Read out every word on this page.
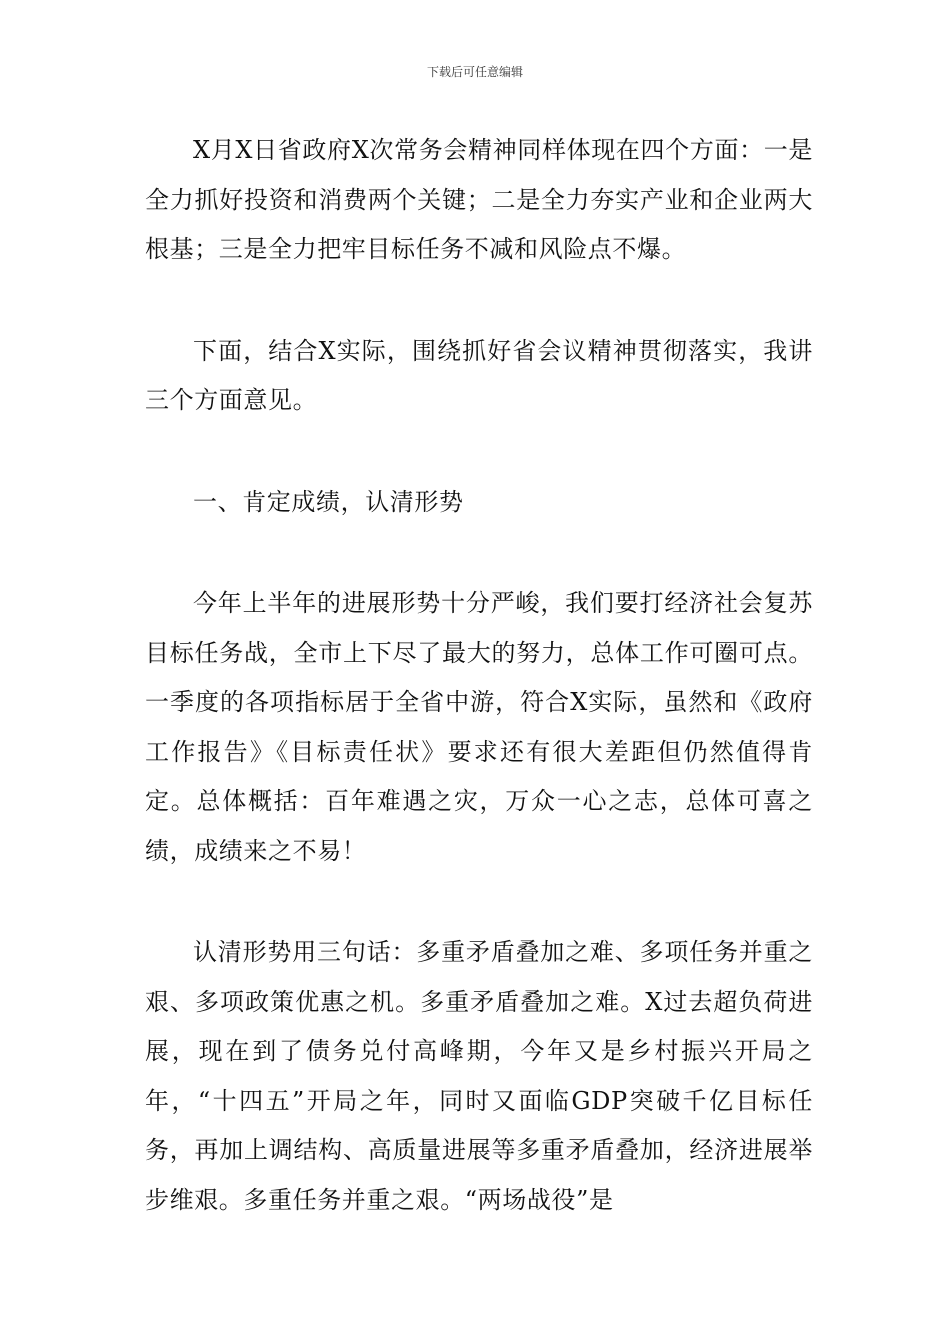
下载后可任意编辑

X月X日省政府X次常务会精神同样体现在四个方面：一是全力抓好投资和消费两个关键；二是全力夯实产业和企业两大根基；三是全力把牢目标任务不减和风险点不爆。

下面，结合X实际，围绕抓好省会议精神贯彻落实，我讲三个方面意见。

一、肯定成绩，认清形势

今年上半年的进展形势十分严峻，我们要打经济社会复苏目标任务战，全市上下尽了最大的努力，总体工作可圈可点。一季度的各项指标居于全省中游，符合X实际，虽然和《政府工作报告》《目标责任状》要求还有很大差距但仍然值得肯定。总体概括：百年难遇之灾，万众一心之志，总体可喜之绩，成绩来之不易！

认清形势用三句话：多重矛盾叠加之难、多项任务并重之艰、多项政策优惠之机。多重矛盾叠加之难。X过去超负荷进展，现在到了债务兑付高峰期，今年又是乡村振兴开局之年，“十四五”开局之年，同时又面临GDP突破千亿目标任务，再加上调结构、高质量进展等多重矛盾叠加，经济进展举步维艰。多重任务并重之艰。“两场战役”是
